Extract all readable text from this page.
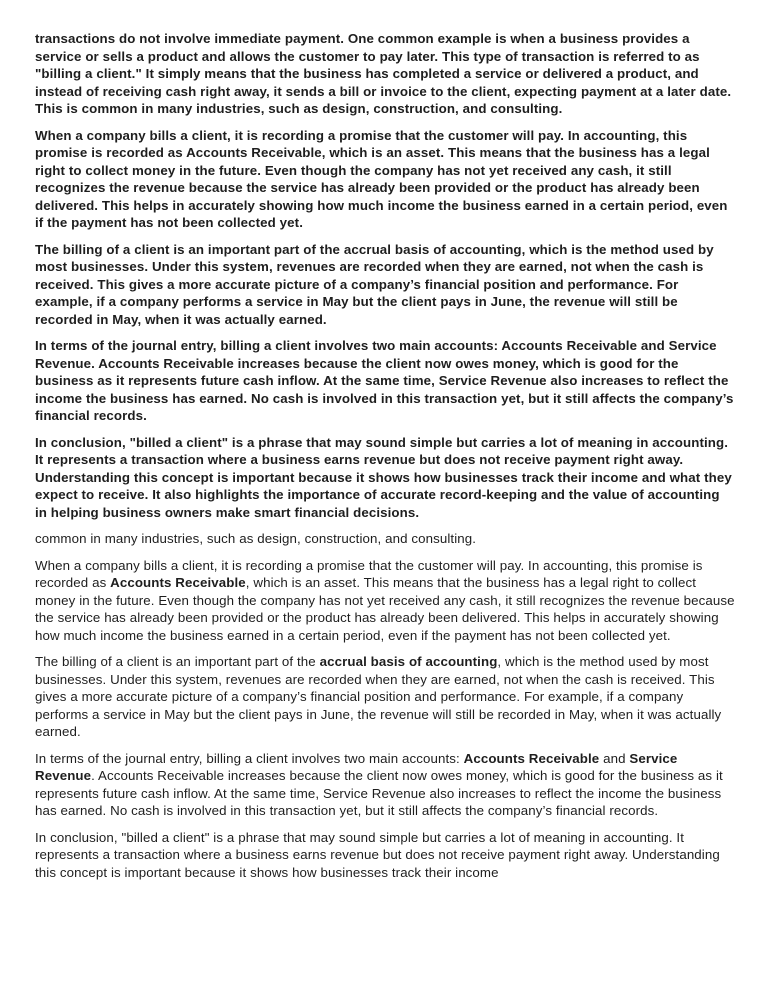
transactions do not involve immediate payment. One common example is when a business provides a service or sells a product and allows the customer to pay later. This type of transaction is referred to as "billing a client." It simply means that the business has completed a service or delivered a product, and instead of receiving cash right away, it sends a bill or invoice to the client, expecting payment at a later date. This is common in many industries, such as design, construction, and consulting.

When a company bills a client, it is recording a promise that the customer will pay. In accounting, this promise is recorded as Accounts Receivable, which is an asset. This means that the business has a legal right to collect money in the future. Even though the company has not yet received any cash, it still recognizes the revenue because the service has already been provided or the product has already been delivered. This helps in accurately showing how much income the business earned in a certain period, even if the payment has not been collected yet.

The billing of a client is an important part of the accrual basis of accounting, which is the method used by most businesses. Under this system, revenues are recorded when they are earned, not when the cash is received. This gives a more accurate picture of a company’s financial position and performance. For example, if a company performs a service in May but the client pays in June, the revenue will still be recorded in May, when it was actually earned.

In terms of the journal entry, billing a client involves two main accounts: Accounts Receivable and Service Revenue. Accounts Receivable increases because the client now owes money, which is good for the business as it represents future cash inflow. At the same time, Service Revenue also increases to reflect the income the business has earned. No cash is involved in this transaction yet, but it still affects the company’s financial records.

In conclusion, "billed a client" is a phrase that may sound simple but carries a lot of meaning in accounting. It represents a transaction where a business earns revenue but does not receive payment right away. Understanding this concept is important because it shows how businesses track their income and what they expect to receive. It also highlights the importance of accurate record-keeping and the value of accounting in helping business owners make smart financial decisions.

common in many industries, such as design, construction, and consulting.

When a company bills a client, it is recording a promise that the customer will pay. In accounting, this promise is recorded as Accounts Receivable, which is an asset. This means that the business has a legal right to collect money in the future. Even though the company has not yet received any cash, it still recognizes the revenue because the service has already been provided or the product has already been delivered. This helps in accurately showing how much income the business earned in a certain period, even if the payment has not been collected yet.

The billing of a client is an important part of the accrual basis of accounting, which is the method used by most businesses. Under this system, revenues are recorded when they are earned, not when the cash is received. This gives a more accurate picture of a company’s financial position and performance. For example, if a company performs a service in May but the client pays in June, the revenue will still be recorded in May, when it was actually earned.

In terms of the journal entry, billing a client involves two main accounts: Accounts Receivable and Service Revenue. Accounts Receivable increases because the client now owes money, which is good for the business as it represents future cash inflow. At the same time, Service Revenue also increases to reflect the income the business has earned. No cash is involved in this transaction yet, but it still affects the company’s financial records.

In conclusion, "billed a client" is a phrase that may sound simple but carries a lot of meaning in accounting. It represents a transaction where a business earns revenue but does not receive payment right away. Understanding this concept is important because it shows how businesses track their income
